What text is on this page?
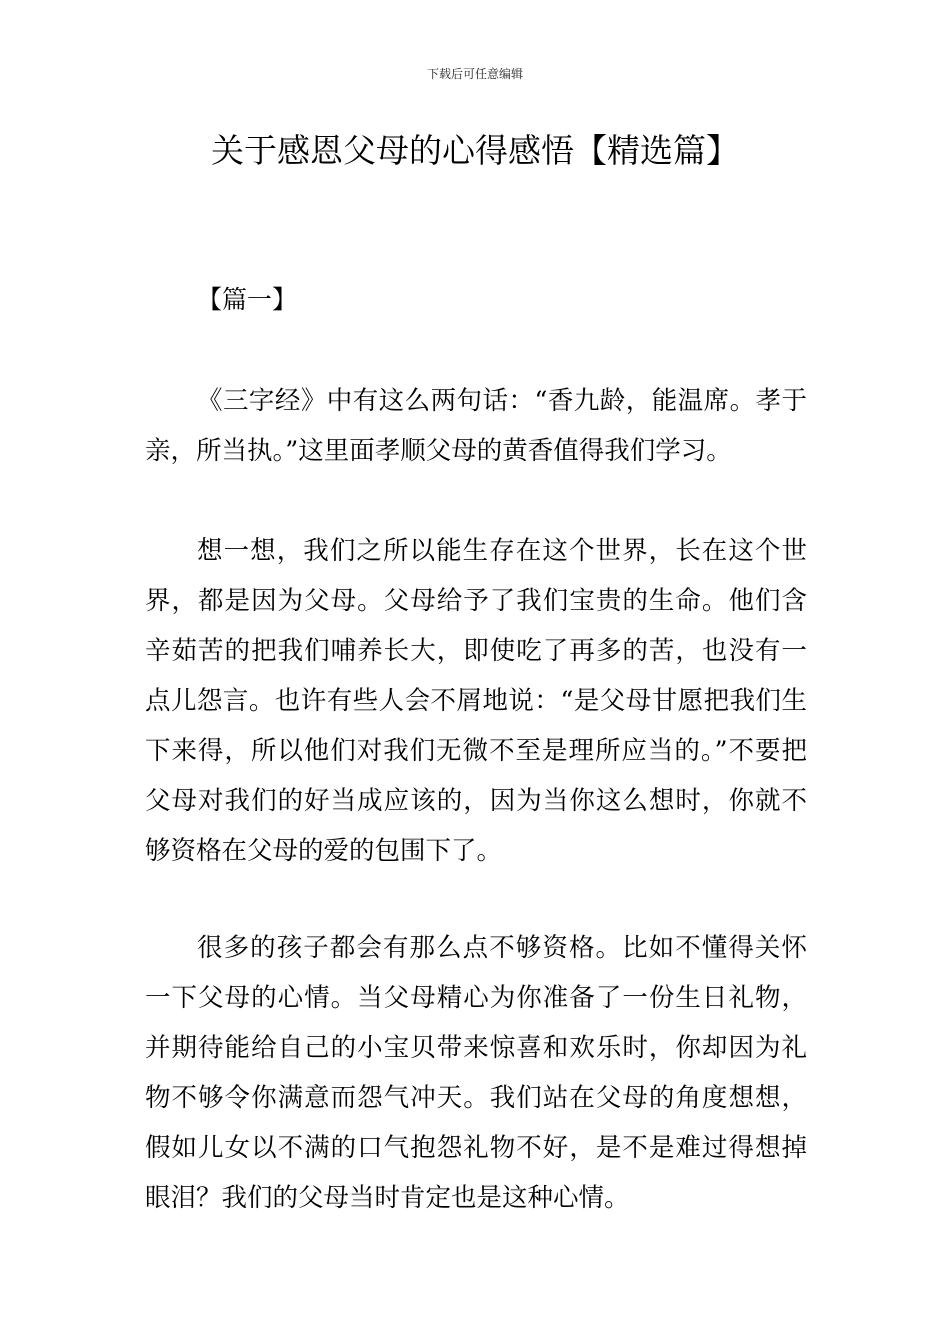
下载后可任意编辑
关于感恩父母的心得感悟【精选篇】
【篇一】

《三字经》中有这么两句话：“香九龄，能温席。孝于亲，所当执。”这里面孝顺父母的黄香值得我们学习。

想一想，我们之所以能生存在这个世界，长在这个世界，都是因为父母。父母给予了我们宝贵的生命。他们含辛茹苦的把我们哺养长大，即使吃了再多的苦，也没有一点儿怨言。也许有些人会不屑地说：“是父母甘愿把我们生下来得，所以他们对我们无微不至是理所应当的。”不要把父母对我们的好当成应该的，因为当你这么想时，你就不够资格在父母的爱的包围下了。

很多的孩子都会有那么点不够资格。比如不懂得关怀一下父母的心情。当父母精心为你准备了一份生日礼物，并期待能给自己的小宝贝带来惊喜和欢乐时，你却因为礼物不够令你满意而怨气冲天。我们站在父母的角度想想，假如儿女以不满的口气抱怨礼物不好，是不是难过得想掉眼泪？我们的父母当时肯定也是这种心情。
